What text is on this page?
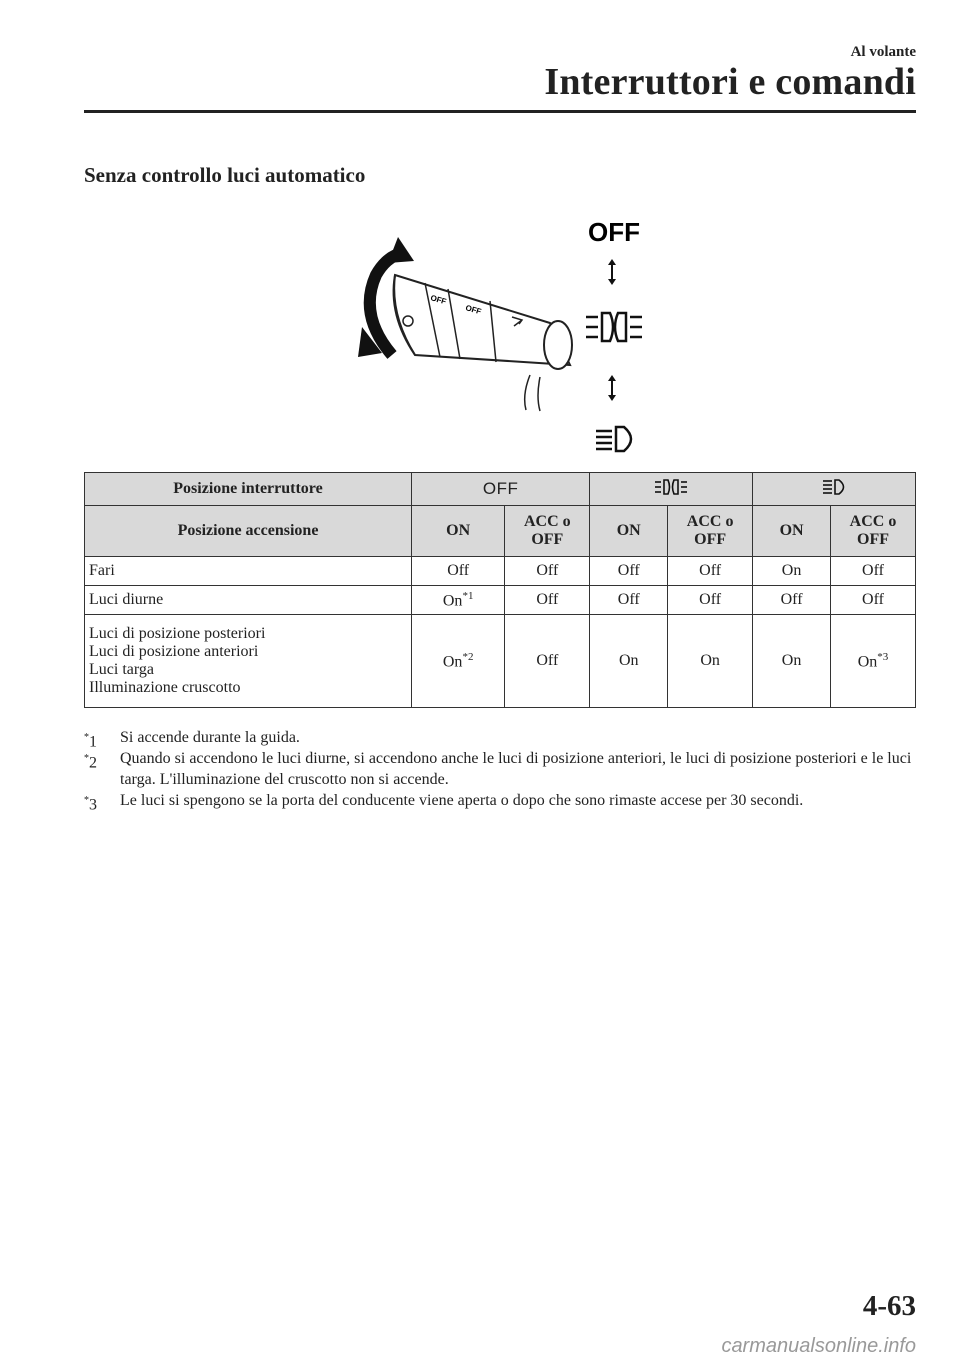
Al volante
Interruttori e comandi
Senza controllo luci automatico
OFF
OFF
OFF
Posizione interruttore	OFF		
Posizione accensione	ON	ACC o OFF	ON	ACC o OFF	ON	ACC o OFF
Fari	Off	Off	Off	Off	On	Off
Luci diurne	On$^{*1}$	Off	Off	Off	Off	Off

Luci di posizione posteriori
Luci di posizione anteriori
Luci targa
Illuminazione cruscotto	On$^{*2}$	Off	On	On	On	On$^{*3}$
*1 Si accende durante la guida.
*2 Quando si accendono le luci diurne, si accendono anche le luci di posizione anteriori, le luci di posizione posteriori e le luci targa. L'illuminazione del cruscotto non si accende.
*3 Le luci si spengono se la porta del conducente viene aperta o dopo che sono rimaste accese per 30 secondi.
4-63
carmanualsonline.info
